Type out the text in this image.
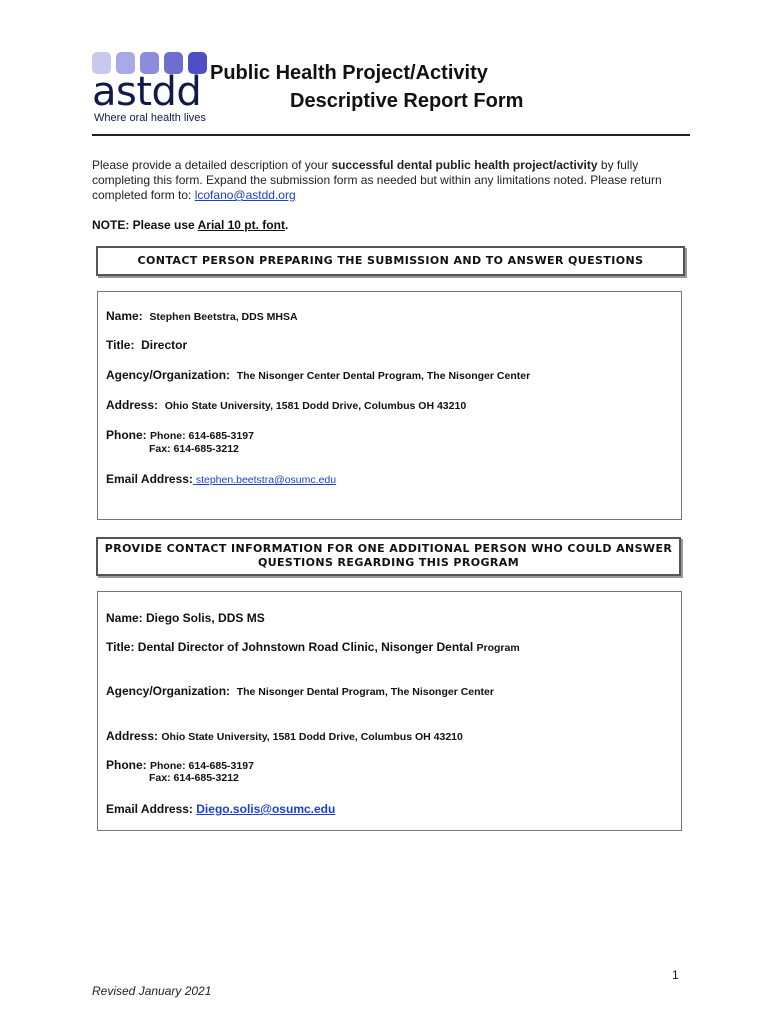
astdd
Where oral health lives
Public Health Project/Activity
Descriptive Report Form
Please provide a detailed description of your successful dental public health project/activity by fully completing this form. Expand the submission form as needed but within any limitations noted. Please return completed form to: lcofano@astdd.org
NOTE: Please use Arial 10 pt. font.
CONTACT PERSON PREPARING THE SUBMISSION AND TO ANSWER QUESTIONS
Name: Stephen Beetstra, DDS MHSA
Title: Director
Agency/Organization: The Nisonger Center Dental Program, The Nisonger Center
Address: Ohio State University, 1581 Dodd Drive, Columbus OH 43210
Phone: Phone: 614-685-3197
Fax: 614-685-3212
Email Address: stephen.beetstra@osumc.edu
PROVIDE CONTACT INFORMATION FOR ONE ADDITIONAL PERSON WHO COULD ANSWER
QUESTIONS REGARDING THIS PROGRAM
Name: Diego Solis, DDS MS
Title: Dental Director of Johnstown Road Clinic, Nisonger Dental Program
Agency/Organization: The Nisonger Dental Program, The Nisonger Center
Address: Ohio State University, 1581 Dodd Drive, Columbus OH 43210
Phone: Phone: 614-685-3197
Fax: 614-685-3212
Email Address: Diego.solis@osumc.edu
1
Revised January 2021
